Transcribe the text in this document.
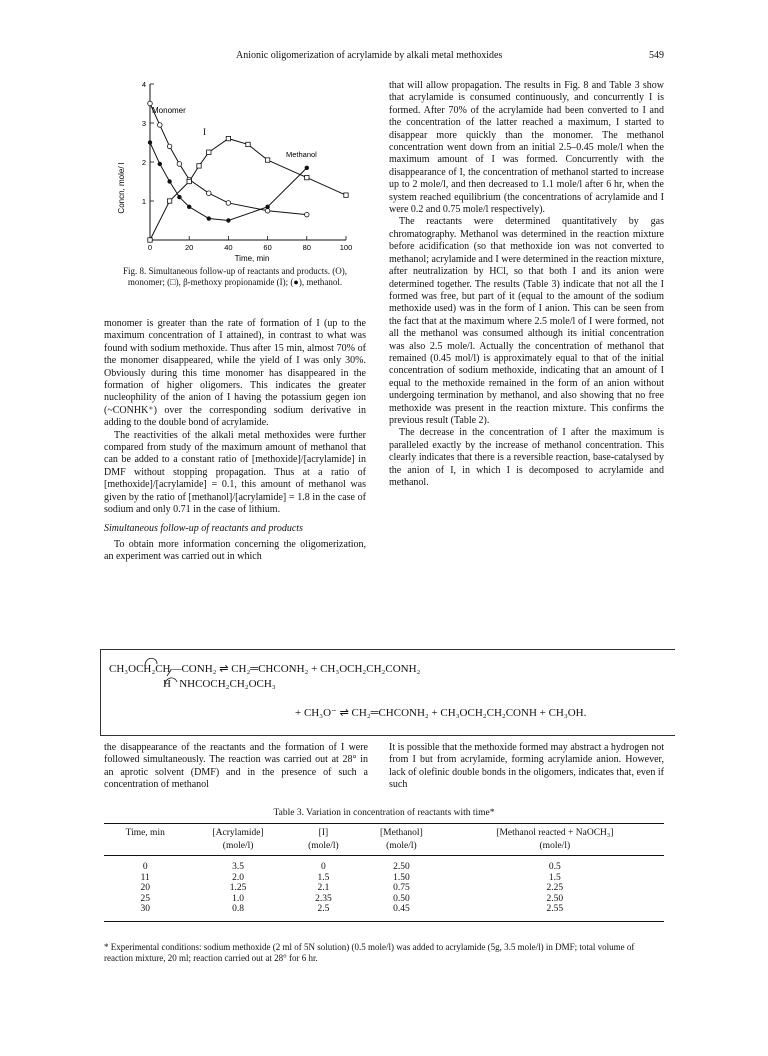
Anionic oligomerization of acrylamide by alkali metal methoxides	549
0	20	40	60	80	100
1
2
3
4
Concn, mole/ l
Time, min
Monomer
I
Methanol
Fig. 8. Simultaneous follow-up of reactants and products. (O), monomer; (□), β-methoxy propionamide (I); (●), methanol.

monomer is greater than the rate of formation of I (up to the maximum concentration of I attained), in contrast to what was found with sodium methoxide. Thus after 15 min, almost 70% of the monomer disappeared, while the yield of I was only 30%. Obviously during this time monomer has disappeared in the formation of higher oligomers. This indicates the greater nucleophility of the anion of I having the potassium gegen ion (~CONHK⁺) over the corresponding sodium derivative in adding to the double bond of acrylamide.

The reactivities of the alkali metal methoxides were further compared from study of the maximum amount of methanol that can be added to a constant ratio of [methoxide]/[acrylamide] in DMF without stopping propagation. Thus at a ratio of [methoxide]/[acrylamide] = 0.1, this amount of methanol was given by the ratio of [methanol]/[acrylamide] = 1.8 in the case of sodium and only 0.71 in the case of lithium.

Simultaneous follow-up of reactants and products

To obtain more information concerning the oligomerization, an experiment was carried out in which

that will allow propagation. The results in Fig. 8 and Table 3 show that acrylamide is consumed continuously, and concurrently I is formed. After 70% of the acrylamide had been converted to I and the concentration of the latter reached a maximum, I started to disappear more quickly than the monomer. The methanol concentration went down from an initial 2.5–0.45 mole/l when the maximum amount of I was formed. Concurrently with the disappearance of I, the concentration of methanol started to increase up to 2 mole/l, and then decreased to 1.1 mole/l after 6 hr, when the system reached equilibrium (the concentrations of acrylamide and I were 0.2 and 0.75 mole/l respectively).

The reactants were determined quantitatively by gas chromatography. Methanol was determined in the reaction mixture before acidification (so that methoxide ion was not converted to methanol; acrylamide and I were determined in the reaction mixture, after neutralization by HCl, so that both I and its anion were determined together. The results (Table 3) indicate that not all the I formed was free, but part of it (equal to the amount of the sodium methoxide used) was in the form of I anion. This can be seen from the fact that at the maximum where 2.5 mole/l of I were formed, not all the methanol was consumed although its initial concentration was also 2.5 mole/l. Actually the concentration of methanol that remained (0.45 mol/l) is approximately equal to that of the initial concentration of sodium methoxide, indicating that an amount of I equal to the methoxide remained in the form of an anion without undergoing termination by methanol, and also showing that no free methoxide was present in the reaction mixture. This confirms the previous result (Table 2).

The decrease in the concentration of I after the maximum is paralleled exactly by the increase of methanol concentration. This clearly indicates that there is a reversible reaction, base-catalysed by the anion of I, in which I is decomposed to acrylamide and methanol.

CH₃OCH₂CH—CONH₂ ⇌ CH₂═CHCONH₂ + CH₃OCH₂CH₂CONH₂
H NHCOCH₂CH₂OCH₃
+ CH₃O⁻ ⇌ CH₂═CHCONH₂ + CH₃OCH₂CH₂CONH + CH₃OH.
the disappearance of the reactants and the formation of I were followed simultaneously. The reaction was carried out at 28° in an aprotic solvent (DMF) and in the presence of such a concentration of methanol
It is possible that the methoxide formed may abstract a hydrogen not from I but from acrylamide, forming acrylamide anion. However, lack of olefinic double bonds in the oligomers, indicates that, even if such
Table 3. Variation in concentration of reactants with time*
Time, min	[Acrylamide]	[I]	[Methanol]	[Methanol reacted + NaOCH₃]
	(mole/l)	(mole/l)	(mole/l)	(mole/l)
0	3.5	0	2.50	0.5
11	2.0	1.5	1.50	1.5
20	1.25	2.1	0.75	2.25
25	1.0	2.35	0.50	2.50
30	0.8	2.5	0.45	2.55
* Experimental conditions: sodium methoxide (2 ml of 5N solution) (0.5 mole/l) was added to acrylamide (5g, 3.5 mole/l) in DMF; total volume of reaction mixture, 20 ml; reaction carried out at 28° for 6 hr.
